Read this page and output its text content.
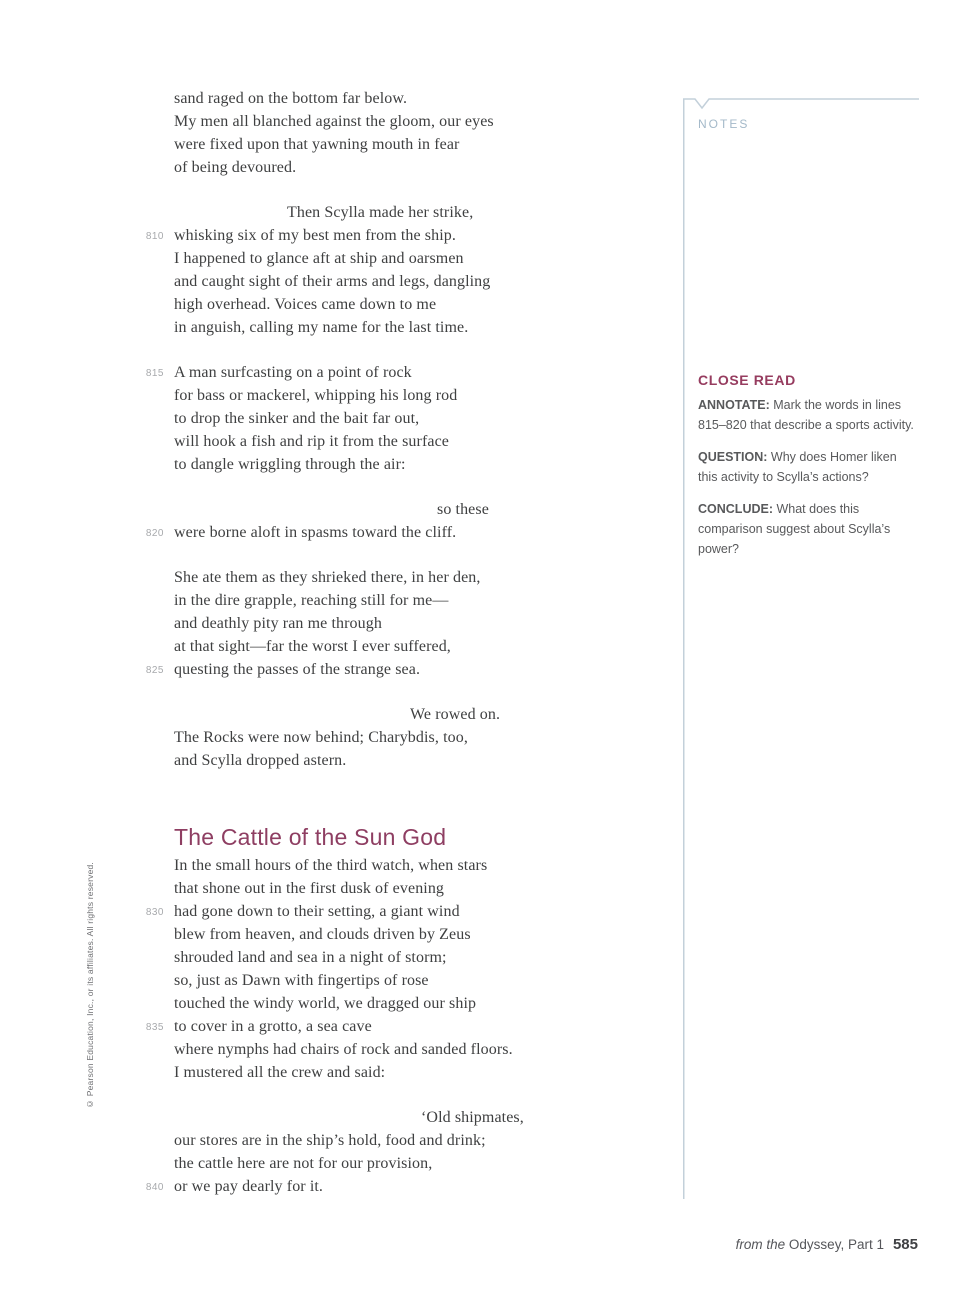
© Pearson Education, Inc., or its affiliates. All rights reserved.
sand raged on the bottom far below.
My men all blanched against the gloom, our eyes
were fixed upon that yawning mouth in fear
of being devoured.
Then Scylla made her strike,
810 whisking six of my best men from the ship.
I happened to glance aft at ship and oarsmen
and caught sight of their arms and legs, dangling
high overhead. Voices came down to me
in anguish, calling my name for the last time.
815 A man surfcasting on a point of rock
for bass or mackerel, whipping his long rod
to drop the sinker and the bait far out,
will hook a fish and rip it from the surface
to dangle wriggling through the air:
so these
820 were borne aloft in spasms toward the cliff.
She ate them as they shrieked there, in her den,
in the dire grapple, reaching still for me—
and deathly pity ran me through
at that sight—far the worst I ever suffered,
825 questing the passes of the strange sea.
We rowed on.
The Rocks were now behind; Charybdis, too,
and Scylla dropped astern.
The Cattle of the Sun God
In the small hours of the third watch, when stars
that shone out in the first dusk of evening
830 had gone down to their setting, a giant wind
blew from heaven, and clouds driven by Zeus
shrouded land and sea in a night of storm;
so, just as Dawn with fingertips of rose
touched the windy world, we dragged our ship
835 to cover in a grotto, a sea cave
where nymphs had chairs of rock and sanded floors.
I mustered all the crew and said:
‘Old shipmates,
our stores are in the ship’s hold, food and drink;
the cattle here are not for our provision,
840 or we pay dearly for it.
NOTES
CLOSE READ

ANNOTATE: Mark the words in lines 815–820 that describe a sports activity.

QUESTION: Why does Homer liken this activity to Scylla’s actions?

CONCLUDE: What does this comparison suggest about Scylla’s power?

from the Odyssey, Part 1 585
